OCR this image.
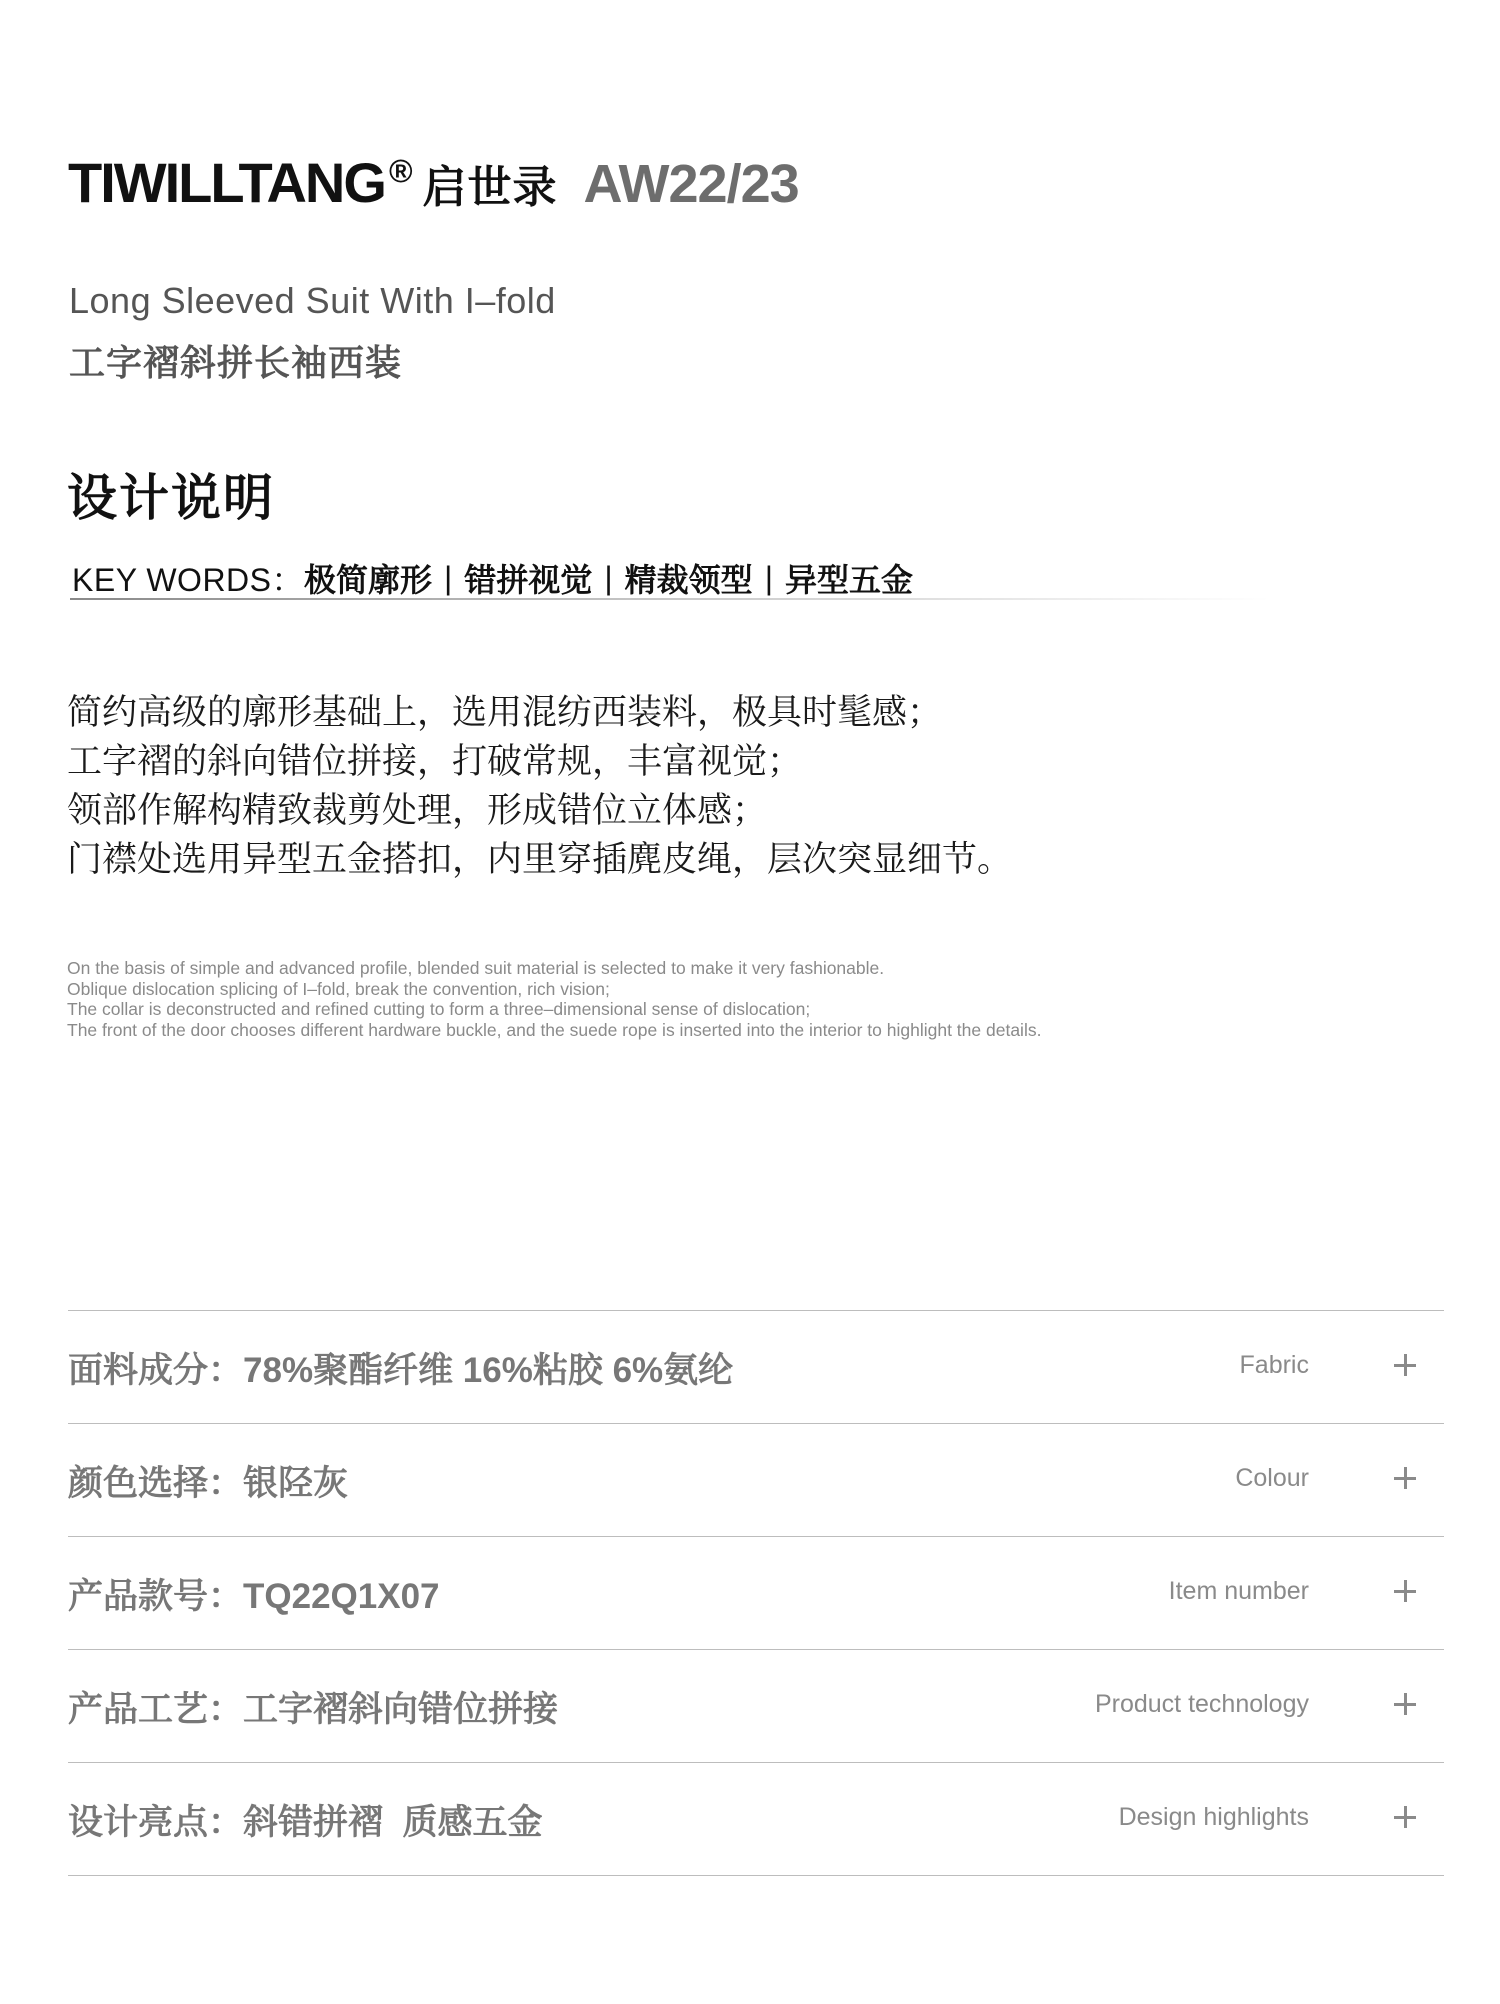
TIWILLTANG ® 启世录 AW22/23
Long Sleeved Suit With I–fold
工字褶斜拼长袖西装
设计说明
KEY WORDS： 极简廓形 | 错拼视觉 | 精裁领型 | 异型五金
简约高级的廓形基础上，选用混纺西装料，极具时髦感；
工字褶的斜向错位拼接，打破常规，丰富视觉；
领部作解构精致裁剪处理，形成错位立体感；
门襟处选用异型五金搭扣，内里穿插麂皮绳，层次突显细节。
On the basis of simple and advanced profile, blended suit material is selected to make it very fashionable.
Oblique dislocation splicing of I–fold, break the convention, rich vision;
The collar is deconstructed and refined cutting to form a three–dimensional sense of dislocation;
The front of the door chooses different hardware buckle, and the suede rope is inserted into the interior to highlight the details.
面料成分：78%聚酯纤维 16%粘胶 6%氨纶	Fabric
颜色选择：银陉灰	Colour
产品款号：TQ22Q1X07	Item number
产品工艺：工字褶斜向错位拼接	Product technology
设计亮点：斜错拼褶  质感五金	Design highlights
